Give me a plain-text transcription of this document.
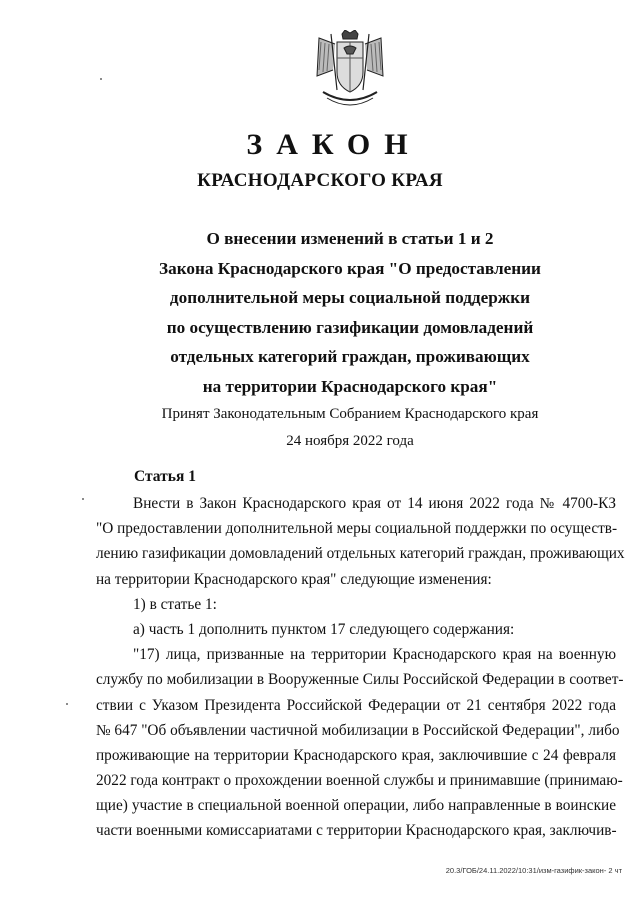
ЗАКОН
КРАСНОДАРСКОГО КРАЯ
О внесении изменений в статьи 1 и 2
Закона Краснодарского края "О предоставлении
дополнительной меры социальной поддержки
по осуществлению газификации домовладений
отдельных категорий граждан, проживающих
на территории Краснодарского края"
Принят Законодательным Собранием Краснодарского края
24 ноября 2022 года
Статья 1
Внести в Закон Краснодарского края от 14 июня 2022 года № 4700-КЗ
"О предоставлении дополнительной меры социальной поддержки по осуществ-
лению газификации домовладений отдельных категорий граждан, проживающих
на территории Краснодарского края" следующие изменения:
1) в статье 1:
а) часть 1 дополнить пунктом 17 следующего содержания:
"17) лица, призванные на территории Краснодарского края на военную
службу по мобилизации в Вооруженные Силы Российской Федерации в соответ-
ствии с Указом Президента Российской Федерации от 21 сентября 2022 года
№ 647 "Об объявлении частичной мобилизации в Российской Федерации", либо
проживающие на территории Краснодарского края, заключившие с 24 февраля
2022 года контракт о прохождении военной службы и принимавшие (принимаю-
щие) участие в специальной военной операции, либо направленные в воинские
части военными комиссариатами с территории Краснодарского края, заключив-
20.3/ГОБ/24.11.2022/10:31/изм-газифик-закон- 2 чт
